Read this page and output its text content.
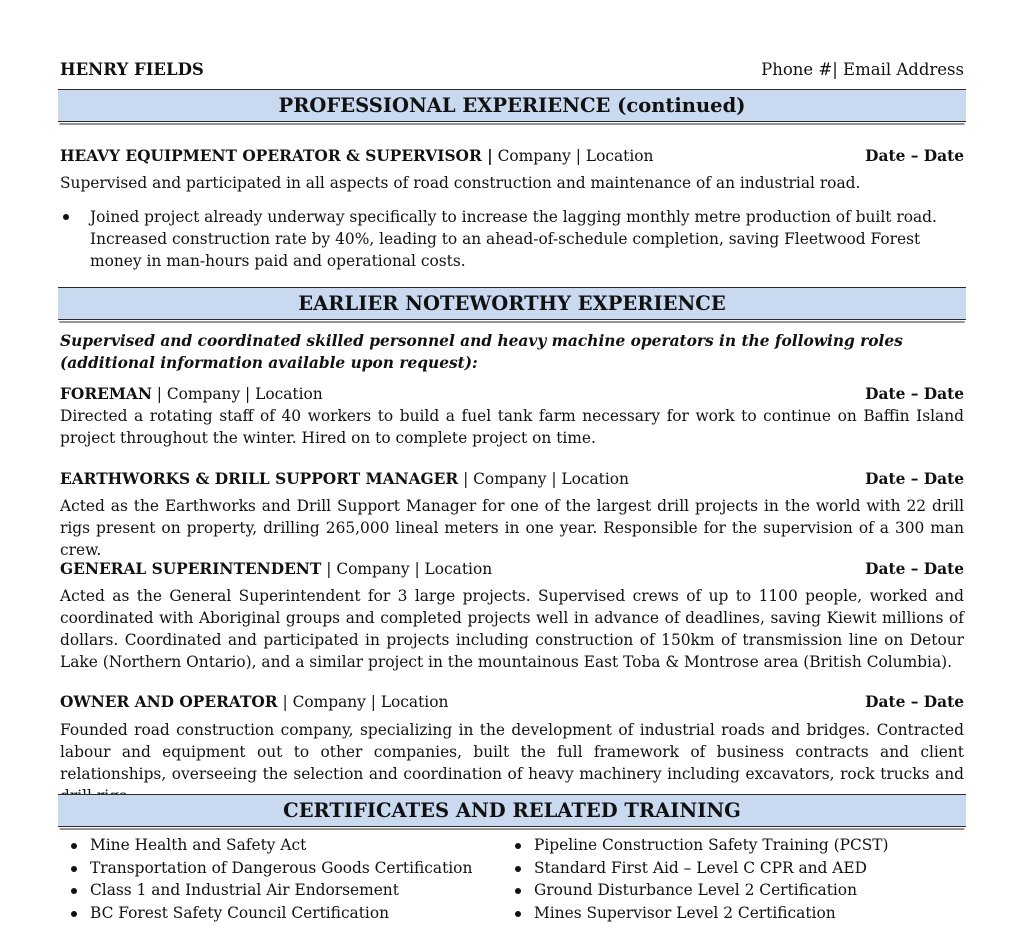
HENRY FIELDS	Phone #| Email Address
PROFESSIONAL EXPERIENCE (continued)
HEAVY EQUIPMENT OPERATOR & SUPERVISOR | Company | Location	Date – Date
Supervised and participated in all aspects of road construction and maintenance of an industrial road.
Joined project already underway specifically to increase the lagging monthly metre production of built road. Increased construction rate by 40%, leading to an ahead-of-schedule completion, saving Fleetwood Forest money in man-hours paid and operational costs.
EARLIER NOTEWORTHY EXPERIENCE
Supervised and coordinated skilled personnel and heavy machine operators in the following roles (additional information available upon request):
FOREMAN | Company | Location	Date – Date
Directed a rotating staff of 40 workers to build a fuel tank farm necessary for work to continue on Baffin Island project throughout the winter. Hired on to complete project on time.
EARTHWORKS & DRILL SUPPORT MANAGER | Company | Location	Date – Date
Acted as the Earthworks and Drill Support Manager for one of the largest drill projects in the world with 22 drill rigs present on property, drilling 265,000 lineal meters in one year. Responsible for the supervision of a 300 man crew.
GENERAL SUPERINTENDENT | Company | Location	Date – Date
Acted as the General Superintendent for 3 large projects. Supervised crews of up to 1100 people, worked and coordinated with Aboriginal groups and completed projects well in advance of deadlines, saving Kiewit millions of dollars. Coordinated and participated in projects including construction of 150km of transmission line on Detour Lake (Northern Ontario), and a similar project in the mountainous East Toba & Montrose area (British Columbia).
OWNER AND OPERATOR | Company | Location	Date – Date
Founded road construction company, specializing in the development of industrial roads and bridges. Contracted labour and equipment out to other companies, built the full framework of business contracts and client relationships, overseeing the selection and coordination of heavy machinery including excavators, rock trucks and
CERTIFICATES AND RELATED TRAINING
Mine Health and Safety Act
Transportation of Dangerous Goods Certification
Class 1 and Industrial Air Endorsement
BC Forest Safety Council Certification
Pipeline Construction Safety Training (PCST)
Standard First Aid – Level C CPR and AED
Ground Disturbance Level 2 Certification
Mines Supervisor Level 2 Certification
